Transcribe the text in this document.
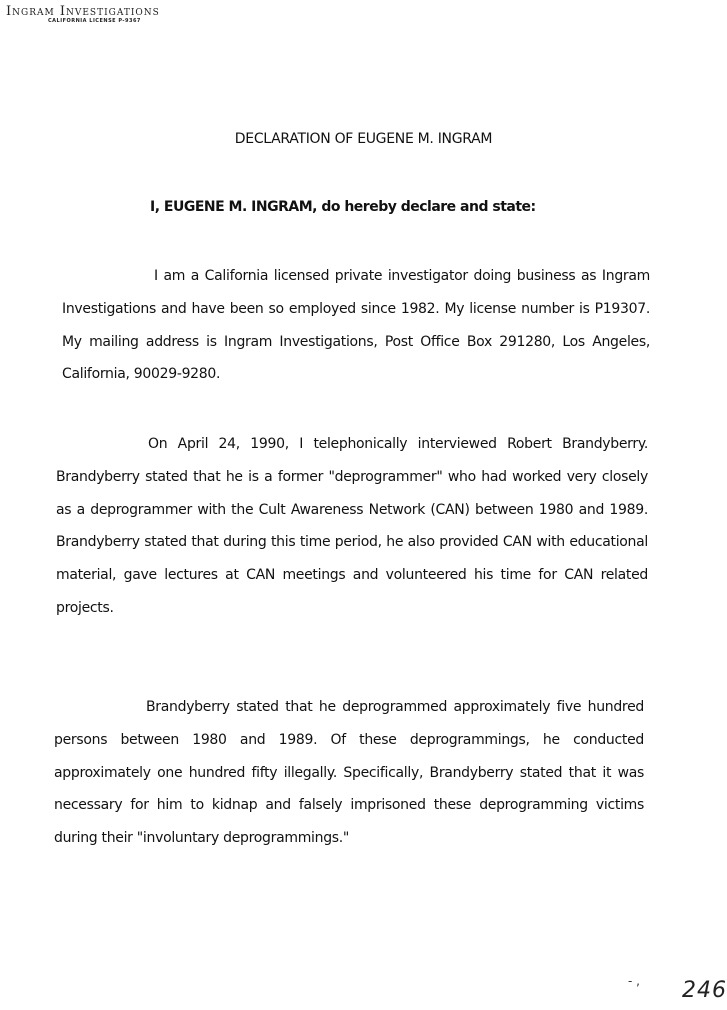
Ingram Investigations
CALIFORNIA LICENSE P-9367
DECLARATION OF EUGENE M. INGRAM
I, EUGENE M. INGRAM, do hereby declare and state:

I am a California licensed private investigator doing business as Ingram Investigations and have been so employed since 1982. My license number is P19307. My mailing address is Ingram Investigations, Post Office Box 291280, Los Angeles, California, 90029-9280.

On April 24, 1990, I telephonically interviewed Robert Brandyberry. Brandyberry stated that he is a former "deprogrammer" who had worked very closely as a deprogrammer with the Cult Awareness Network (CAN) between 1980 and 1989. Brandyberry stated that during this time period, he also provided CAN with educational material, gave lectures at CAN meetings and volunteered his time for CAN related projects.

Brandyberry stated that he deprogrammed approximately five hundred persons between 1980 and 1989. Of these deprogrammings, he conducted approximately one hundred fifty illegally. Specifically, Brandyberry stated that it was necessary for him to kidnap and falsely imprisoned these deprogramming victims during their "involuntary deprogrammings."

- , 246
